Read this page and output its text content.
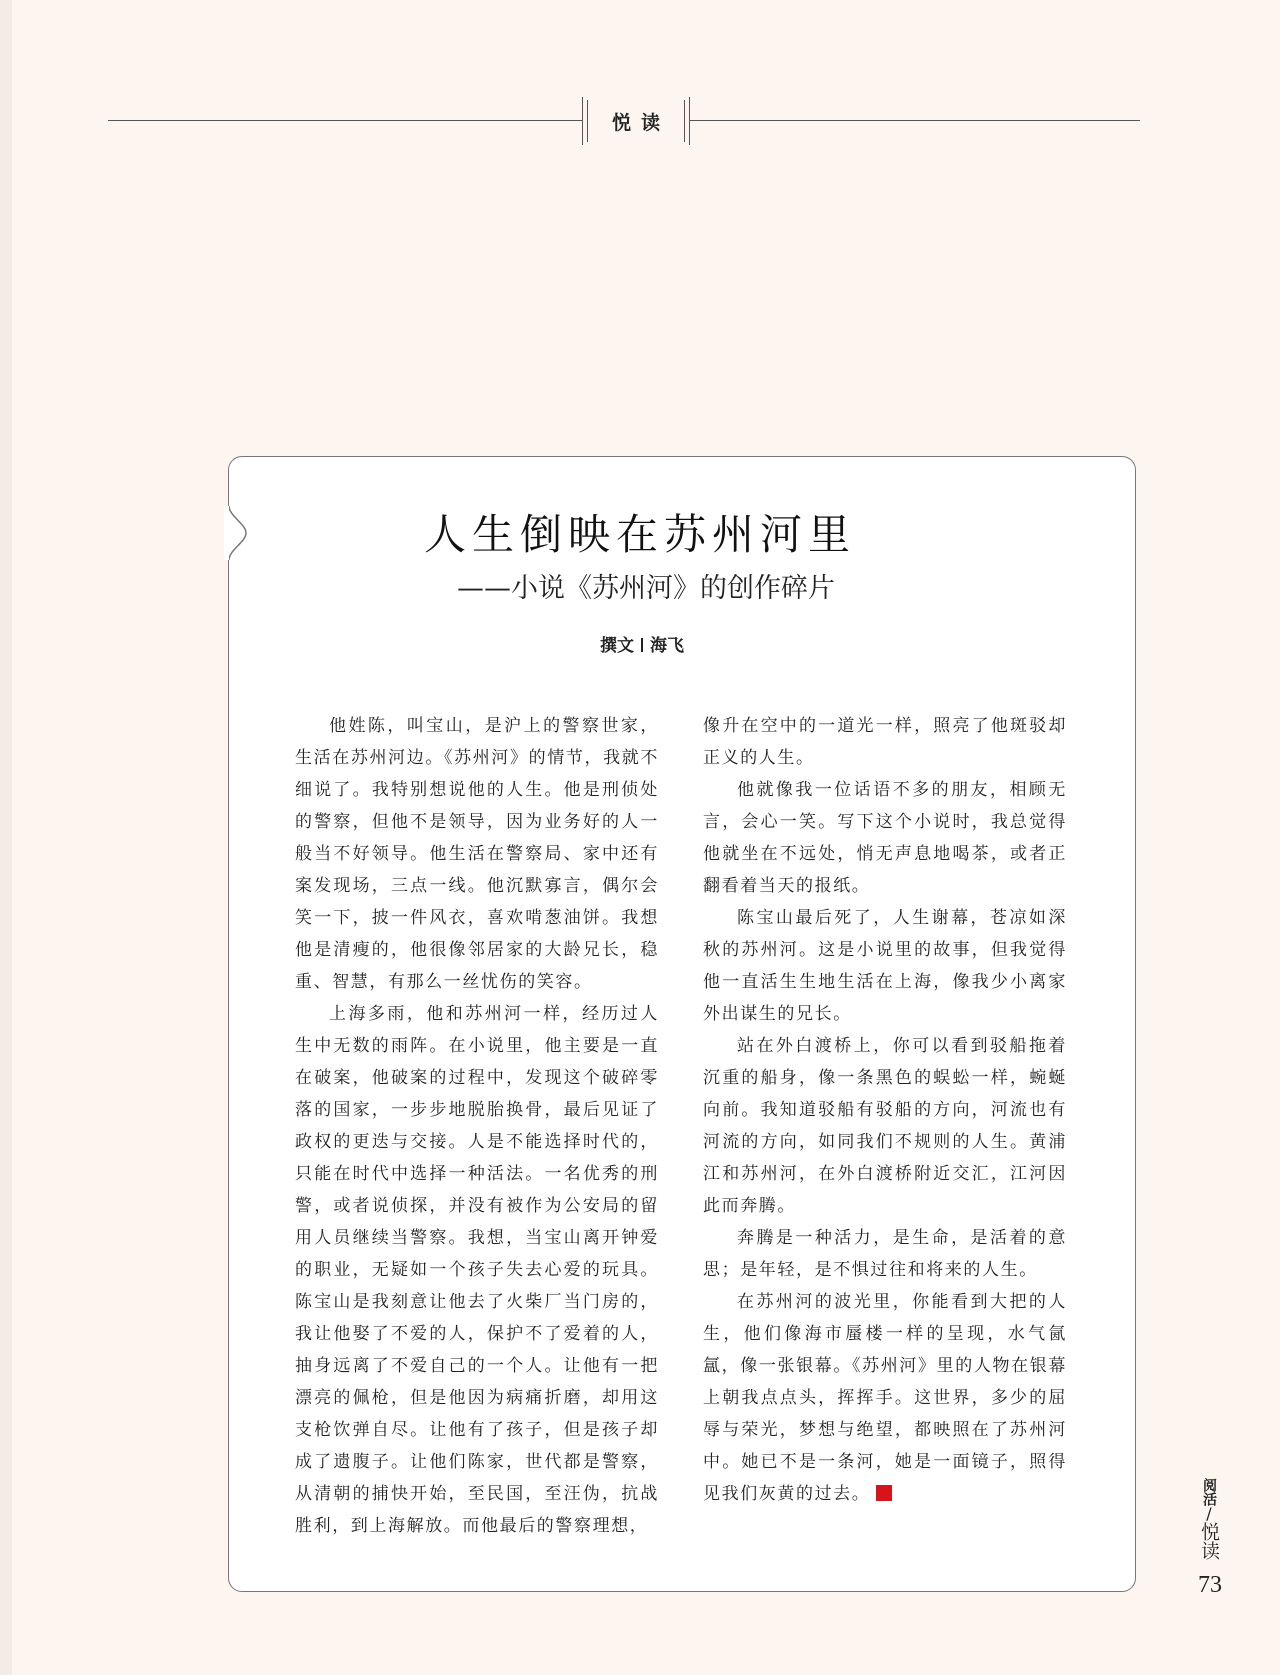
悦读
人生倒映在苏州河里
——小说《苏州河》的创作碎片
撰文 海飞

他姓陈，叫宝山，是沪上的警察世家，生活在苏州河边。《苏州河》的情节，我就不细说了。我特别想说他的人生。他是刑侦处的警察，但他不是领导，因为业务好的人一般当不好领导。他生活在警察局、家中还有案发现场，三点一线。他沉默寡言，偶尔会笑一下，披一件风衣，喜欢啃葱油饼。我想他是清瘦的，他很像邻居家的大龄兄长，稳重、智慧，有那么一丝忧伤的笑容。

上海多雨，他和苏州河一样，经历过人生中无数的雨阵。在小说里，他主要是一直在破案，他破案的过程中，发现这个破碎零落的国家，一步步地脱胎换骨，最后见证了政权的更迭与交接。人是不能选择时代的，只能在时代中选择一种活法。一名优秀的刑警，或者说侦探，并没有被作为公安局的留用人员继续当警察。我想，当宝山离开钟爱的职业，无疑如一个孩子失去心爱的玩具。陈宝山是我刻意让他去了火柴厂当门房的，我让他娶了不爱的人，保护不了爱着的人，抽身远离了不爱自己的一个人。让他有一把漂亮的佩枪，但是他因为病痛折磨，却用这支枪饮弹自尽。让他有了孩子，但是孩子却成了遗腹子。让他们陈家，世代都是警察，从清朝的捕快开始，至民国，至汪伪，抗战胜利，到上海解放。而他最后的警察理想，

像升在空中的一道光一样，照亮了他斑驳却正义的人生。

他就像我一位话语不多的朋友，相顾无言，会心一笑。写下这个小说时，我总觉得他就坐在不远处，悄无声息地喝茶，或者正翻看着当天的报纸。

陈宝山最后死了，人生谢幕，苍凉如深秋的苏州河。这是小说里的故事，但我觉得他一直活生生地生活在上海，像我少小离家外出谋生的兄长。

站在外白渡桥上，你可以看到驳船拖着沉重的船身，像一条黑色的蜈蚣一样，蜿蜒向前。我知道驳船有驳船的方向，河流也有河流的方向，如同我们不规则的人生。黄浦江和苏州河，在外白渡桥附近交汇，江河因此而奔腾。

奔腾是一种活力，是生命，是活着的意思；是年轻，是不惧过往和将来的人生。

在苏州河的波光里，你能看到大把的人生，他们像海市蜃楼一样的呈现，水气氤氲，像一张银幕。《苏州河》里的人物在银幕上朝我点点头，挥挥手。这世界，多少的屈辱与荣光，梦想与绝望，都映照在了苏州河中。她已不是一条河，她是一面镜子，照得见我们灰黄的过去。	阅活
/
悦读
73
